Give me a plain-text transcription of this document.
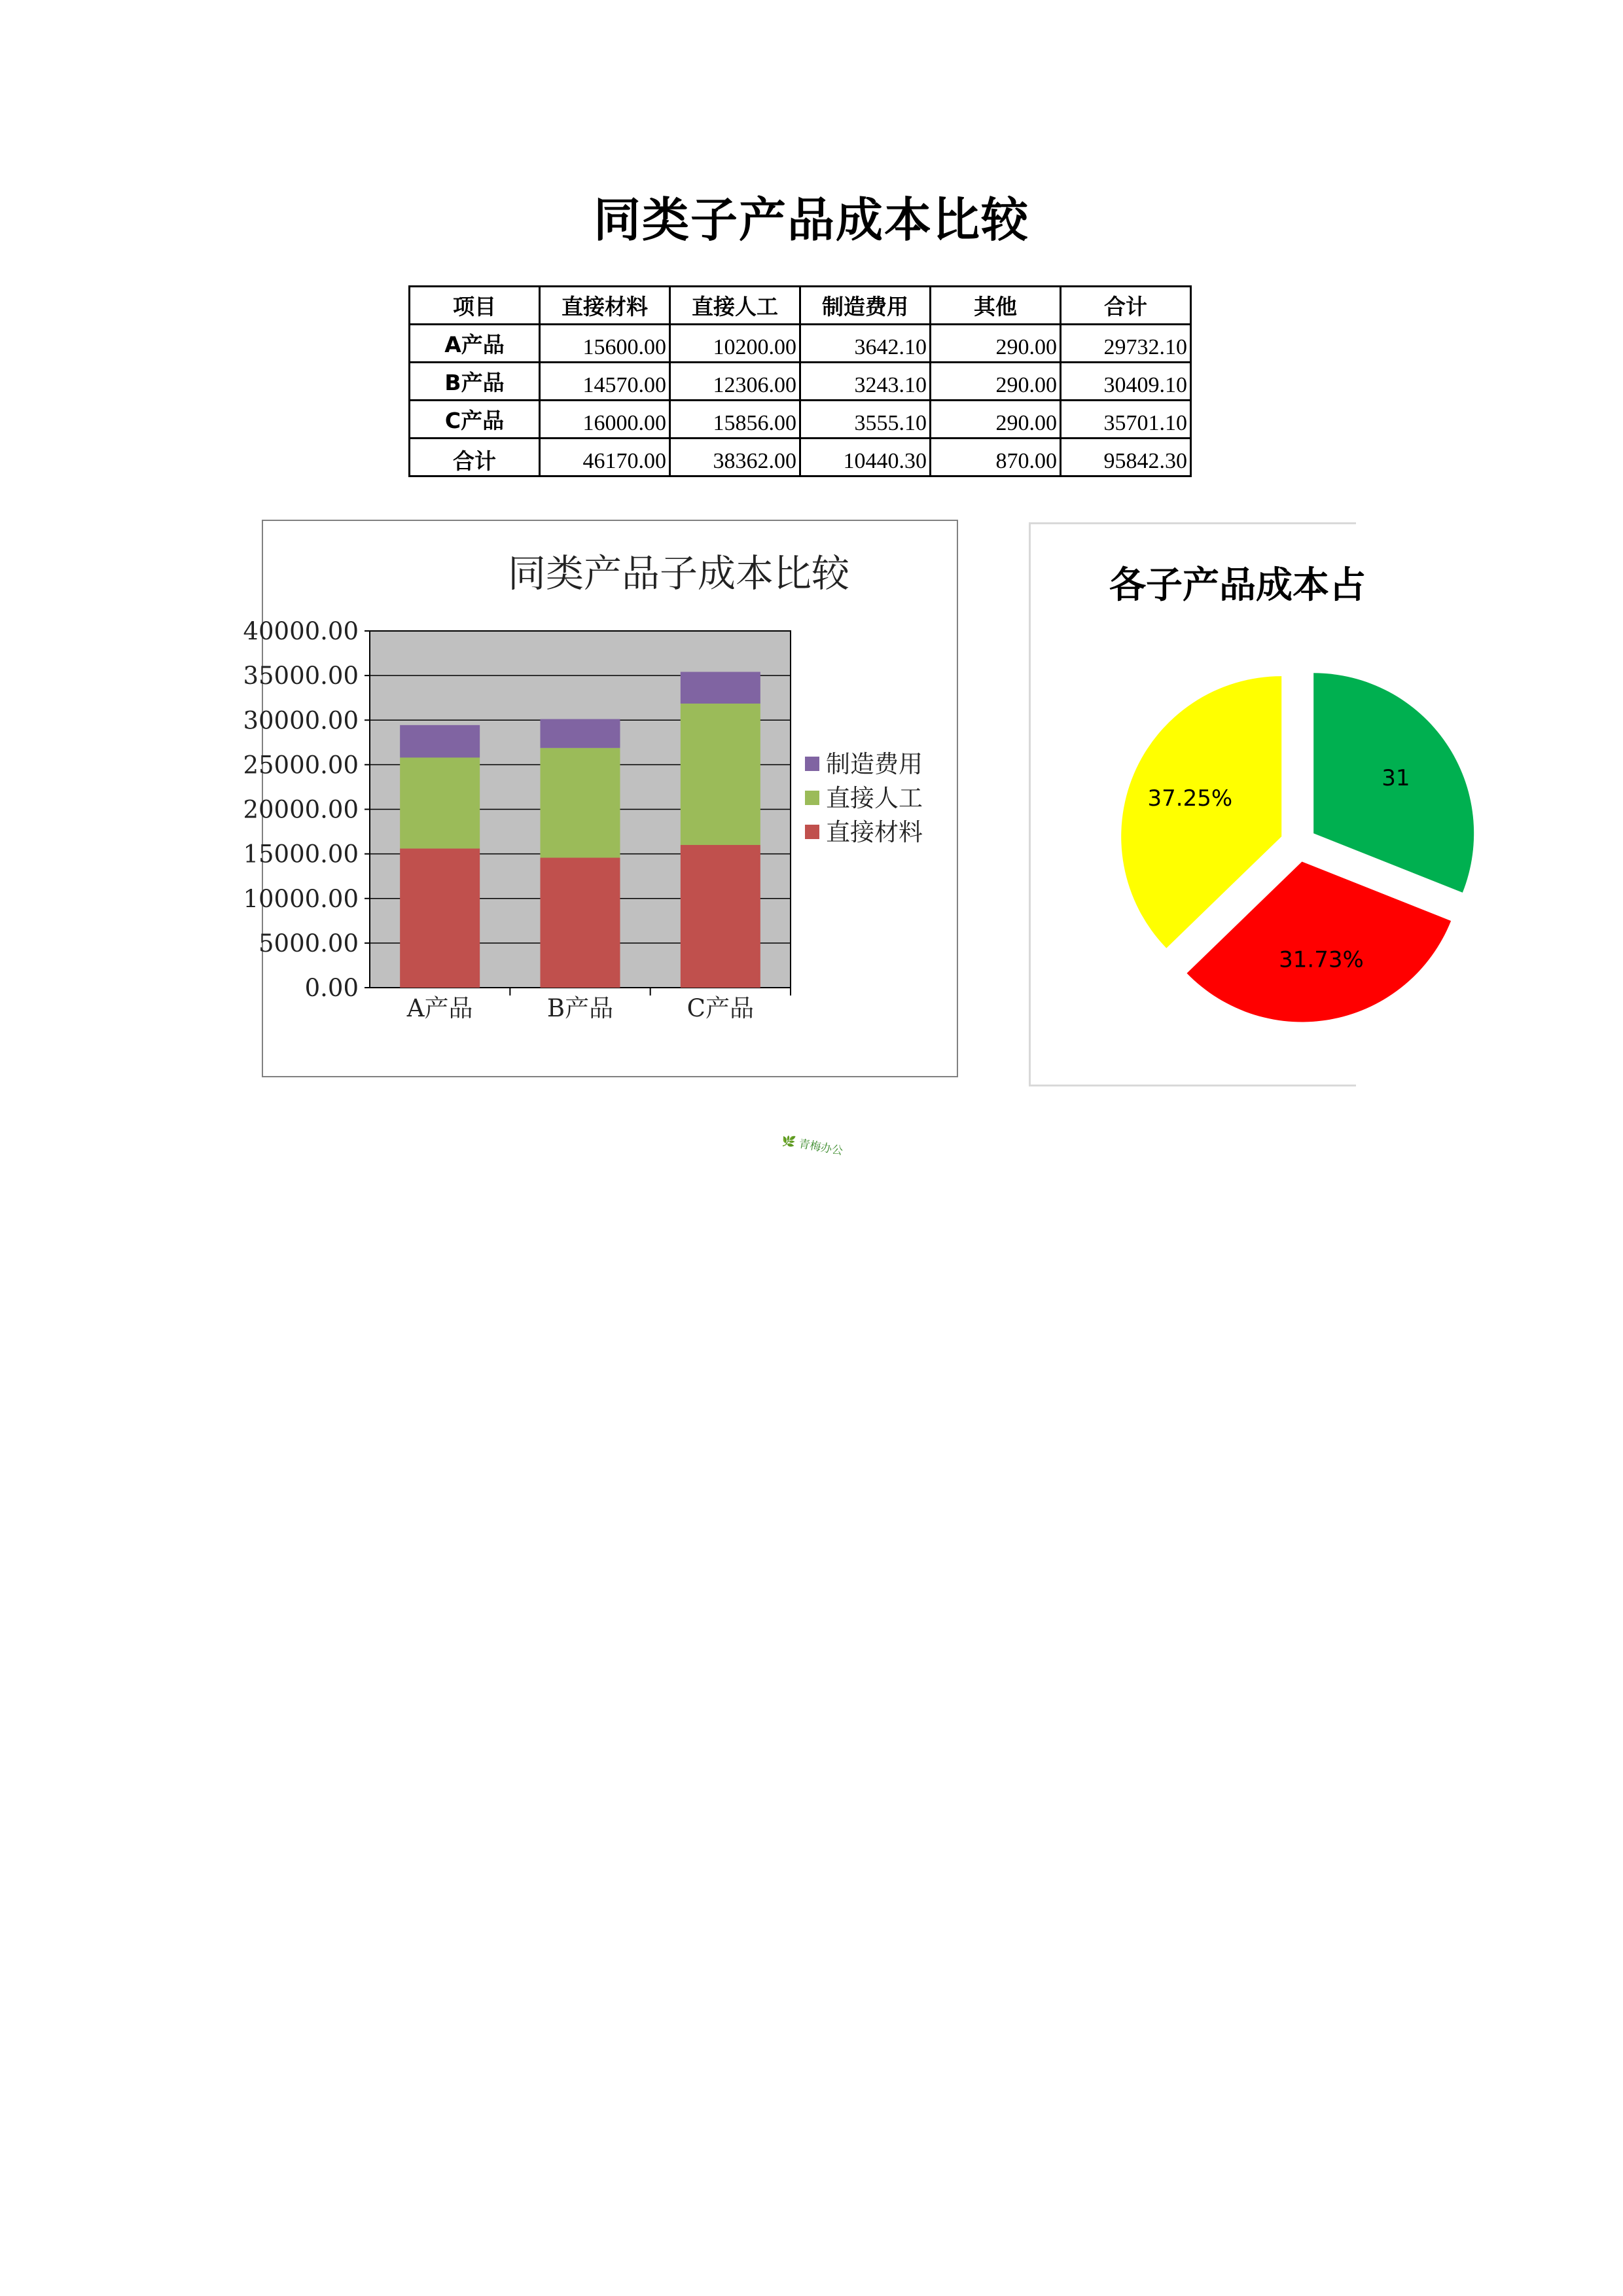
同类子产品成本比较
项目	直接材料	直接人工	制造费用	其他	合计
A产品	15600.00	10200.00	3642.10	290.00	29732.10
B产品	14570.00	12306.00	3243.10	290.00	30409.10
C产品	16000.00	15856.00	3555.10	290.00	35701.10
合计	46170.00	38362.00	10440.30	870.00	95842.30
同类产品子成本比较
0.00
5000.00
10000.00
15000.00
20000.00
25000.00
30000.00
35000.00
40000.00
A产品	B产品	C产品
制造费用
直接人工
直接材料
各子产品成本占
31
31.73%
37.25%
🌿 青梅办公
